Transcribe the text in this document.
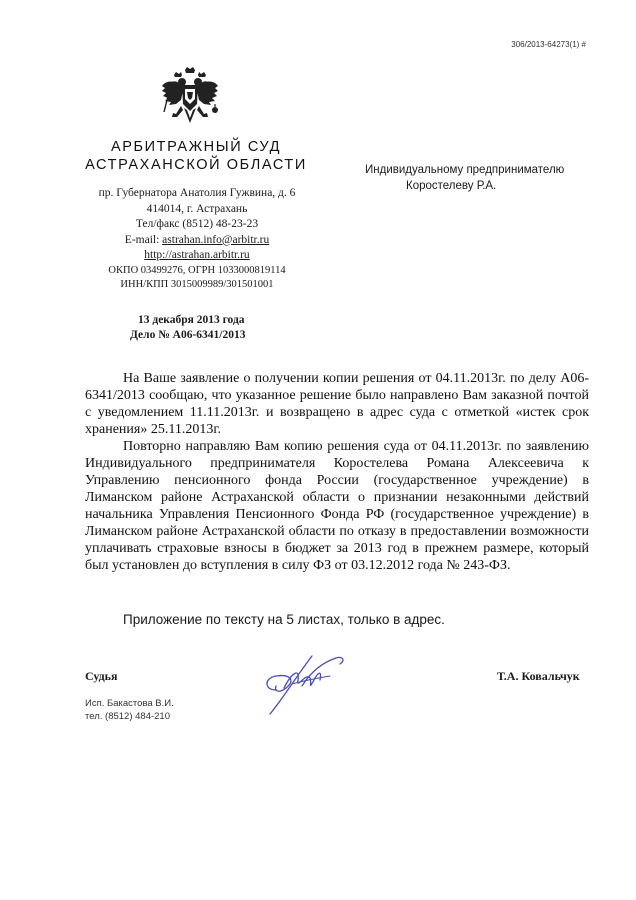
306/2013-64273(1) #
АРБИТРАЖНЫЙ СУД
АСТРАХАНСКОЙ ОБЛАСТИ
пр. Губернатора Анатолия Гужвина, д. 6
414014, г. Астрахань
Тел/факс (8512) 48-23-23
E-mail: astrahan.info@arbitr.ru
http://astrahan.arbitr.ru
ОКПО 03499276, ОГРН 1033000819114
ИНН/КПП 3015009989/301501001
Индивидуальному предпринимателю
Коростелеву Р.А.
13 декабря 2013 года
Дело № А06-6341/2013

На Ваше заявление о получении копии решения от 04.11.2013г. по делу А06-6341/2013 сообщаю, что указанное решение было направлено Вам заказной почтой с уведомлением 11.11.2013г. и возвращено в адрес суда с отметкой «истек срок хранения» 25.11.2013г.

Повторно направляю Вам копию решения суда от 04.11.2013г. по заявлению Индивидуального предпринимателя Коростелева Романа Алексеевича к Управлению пенсионного фонда России (государственное учреждение) в Лиманском районе Астраханской области о признании незаконными действий начальника Управления Пенсионного Фонда РФ (государственное учреждение) в Лиманском районе Астраханской области по отказу в предоставлении возможности уплачивать страховые взносы в бюджет за 2013 год в прежнем размере, который был установлен до вступления в силу ФЗ от 03.12.2012 года № 243-ФЗ.

Приложение по тексту на 5 листах, только в адрес.
Судья	Т.А. Ковальчук
Исп. Бакастова В.И.
тел. (8512) 484-210
